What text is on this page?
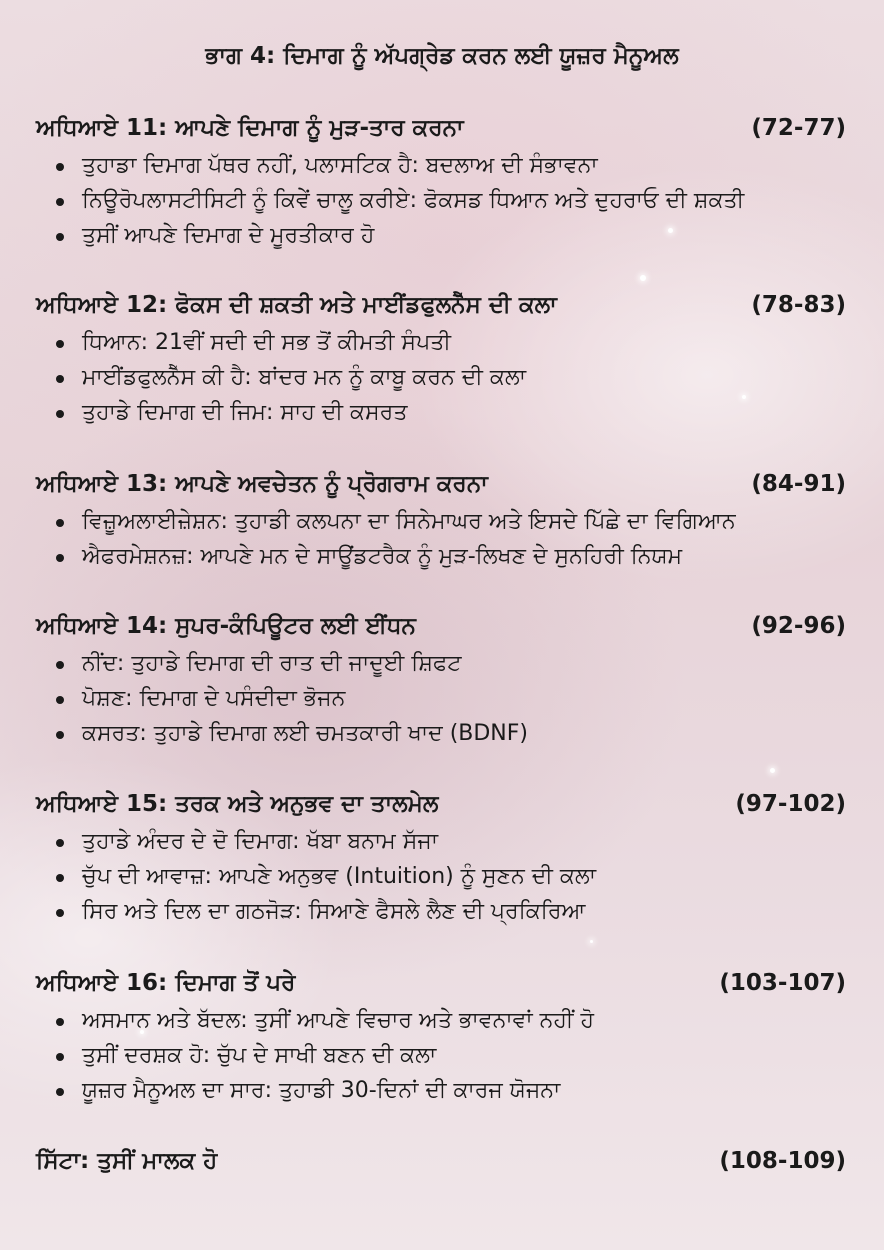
ਭਾਗ 4: ਦਿਮਾਗ ਨੂੰ ਅੱਪਗ੍ਰੇਡ ਕਰਨ ਲਈ ਯੂਜ਼ਰ ਮੈਨੂਅਲ
ਅਧਿਆਏ 11: ਆਪਣੇ ਦਿਮਾਗ ਨੂੰ ਮੁੜ-ਤਾਰ ਕਰਨਾ	(72-77)
ਤੁਹਾਡਾ ਦਿਮਾਗ ਪੱਥਰ ਨਹੀਂ, ਪਲਾਸਟਿਕ ਹੈ: ਬਦਲਾਅ ਦੀ ਸੰਭਾਵਨਾ
ਨਿਊਰੋਪਲਾਸਟੀਸਿਟੀ ਨੂੰ ਕਿਵੇਂ ਚਾਲੂ ਕਰੀਏ: ਫੋਕਸਡ ਧਿਆਨ ਅਤੇ ਦੁਹਰਾਓ ਦੀ ਸ਼ਕਤੀ
ਤੁਸੀਂ ਆਪਣੇ ਦਿਮਾਗ ਦੇ ਮੂਰਤੀਕਾਰ ਹੋ
ਅਧਿਆਏ 12: ਫੋਕਸ ਦੀ ਸ਼ਕਤੀ ਅਤੇ ਮਾਈਂਡਫੁਲਨੈੱਸ ਦੀ ਕਲਾ	(78-83)
ਧਿਆਨ: 21ਵੀਂ ਸਦੀ ਦੀ ਸਭ ਤੋਂ ਕੀਮਤੀ ਸੰਪਤੀ
ਮਾਈਂਡਫੁਲਨੈੱਸ ਕੀ ਹੈ: ਬਾਂਦਰ ਮਨ ਨੂੰ ਕਾਬੂ ਕਰਨ ਦੀ ਕਲਾ
ਤੁਹਾਡੇ ਦਿਮਾਗ ਦੀ ਜਿਮ: ਸਾਹ ਦੀ ਕਸਰਤ
ਅਧਿਆਏ 13: ਆਪਣੇ ਅਵਚੇਤਨ ਨੂੰ ਪ੍ਰੋਗਰਾਮ ਕਰਨਾ	(84-91)
ਵਿਜ਼ੂਅਲਾਈਜ਼ੇਸ਼ਨ: ਤੁਹਾਡੀ ਕਲਪਨਾ ਦਾ ਸਿਨੇਮਾਘਰ ਅਤੇ ਇਸਦੇ ਪਿੱਛੇ ਦਾ ਵਿਗਿਆਨ
ਐਫਰਮੇਸ਼ਨਜ਼: ਆਪਣੇ ਮਨ ਦੇ ਸਾਊਂਡਟਰੈਕ ਨੂੰ ਮੁੜ-ਲਿਖਣ ਦੇ ਸੁਨਹਿਰੀ ਨਿਯਮ
ਅਧਿਆਏ 14: ਸੁਪਰ-ਕੰਪਿਊਟਰ ਲਈ ਈਂਧਨ	(92-96)
ਨੀਂਦ: ਤੁਹਾਡੇ ਦਿਮਾਗ ਦੀ ਰਾਤ ਦੀ ਜਾਦੂਈ ਸ਼ਿਫਟ
ਪੋਸ਼ਣ: ਦਿਮਾਗ ਦੇ ਪਸੰਦੀਦਾ ਭੋਜਨ
ਕਸਰਤ: ਤੁਹਾਡੇ ਦਿਮਾਗ ਲਈ ਚਮਤਕਾਰੀ ਖਾਦ (BDNF)
ਅਧਿਆਏ 15: ਤਰਕ ਅਤੇ ਅਨੁਭਵ ਦਾ ਤਾਲਮੇਲ	(97-102)
ਤੁਹਾਡੇ ਅੰਦਰ ਦੇ ਦੋ ਦਿਮਾਗ: ਖੱਬਾ ਬਨਾਮ ਸੱਜਾ
ਚੁੱਪ ਦੀ ਆਵਾਜ਼: ਆਪਣੇ ਅਨੁਭਵ (Intuition) ਨੂੰ ਸੁਣਨ ਦੀ ਕਲਾ
ਸਿਰ ਅਤੇ ਦਿਲ ਦਾ ਗਠਜੋੜ: ਸਿਆਣੇ ਫੈਸਲੇ ਲੈਣ ਦੀ ਪ੍ਰਕਿਰਿਆ
ਅਧਿਆਏ 16: ਦਿਮਾਗ ਤੋਂ ਪਰੇ	(103-107)
ਅਸਮਾਨ ਅਤੇ ਬੱਦਲ: ਤੁਸੀਂ ਆਪਣੇ ਵਿਚਾਰ ਅਤੇ ਭਾਵਨਾਵਾਂ ਨਹੀਂ ਹੋ
ਤੁਸੀਂ ਦਰਸ਼ਕ ਹੋ: ਚੁੱਪ ਦੇ ਸਾਖੀ ਬਣਨ ਦੀ ਕਲਾ
ਯੂਜ਼ਰ ਮੈਨੂਅਲ ਦਾ ਸਾਰ: ਤੁਹਾਡੀ 30-ਦਿਨਾਂ ਦੀ ਕਾਰਜ ਯੋਜਨਾ
ਸਿੱਟਾ: ਤੁਸੀਂ ਮਾਲਕ ਹੋ	(108-109)
